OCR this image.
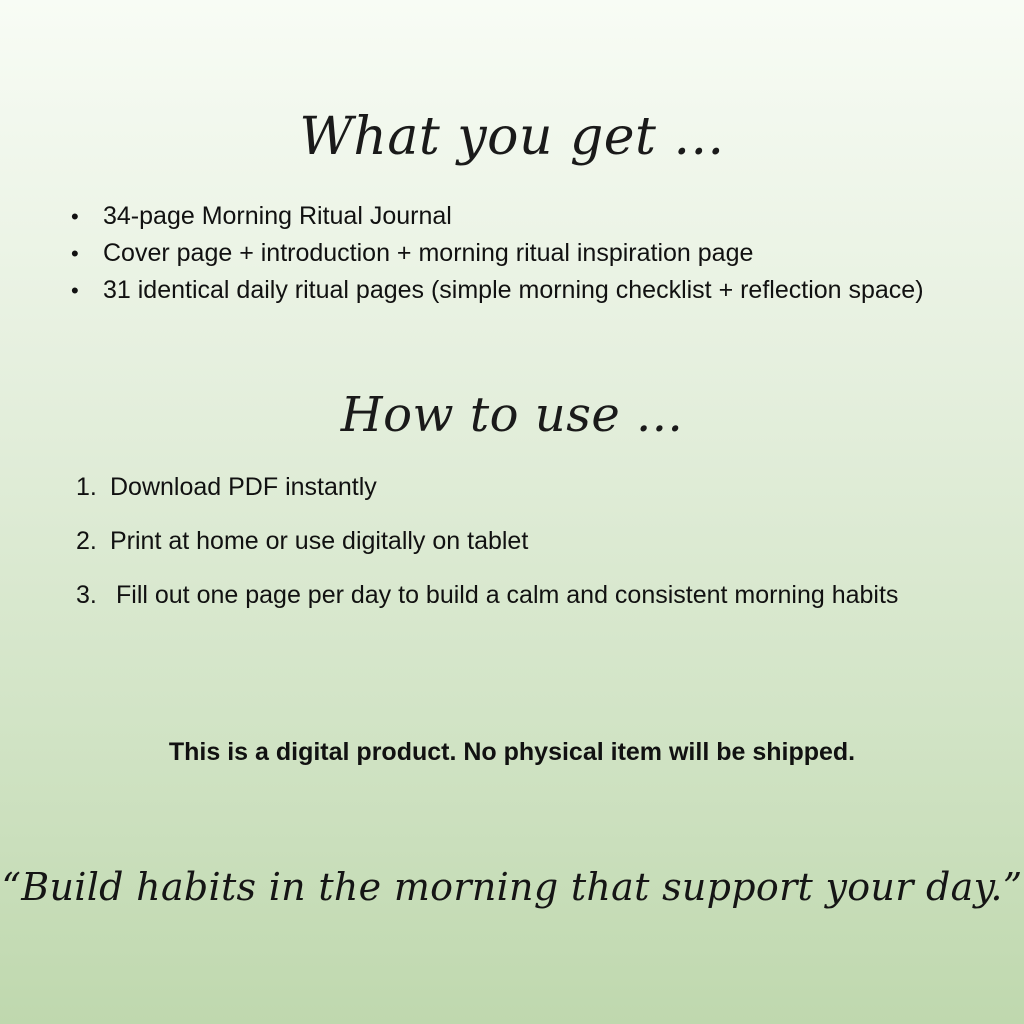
What you get ...
• 34-page Morning Ritual Journal
• Cover page + introduction + morning ritual inspiration page
• 31 identical daily ritual pages (simple morning checklist + reflection space)
How to use ...
1. Download PDF instantly
2. Print at home or use digitally on tablet
3. Fill out one page per day to build a calm and consistent morning habits

This is a digital product. No physical item will be shipped.

“Build habits in the morning that support your day.”
